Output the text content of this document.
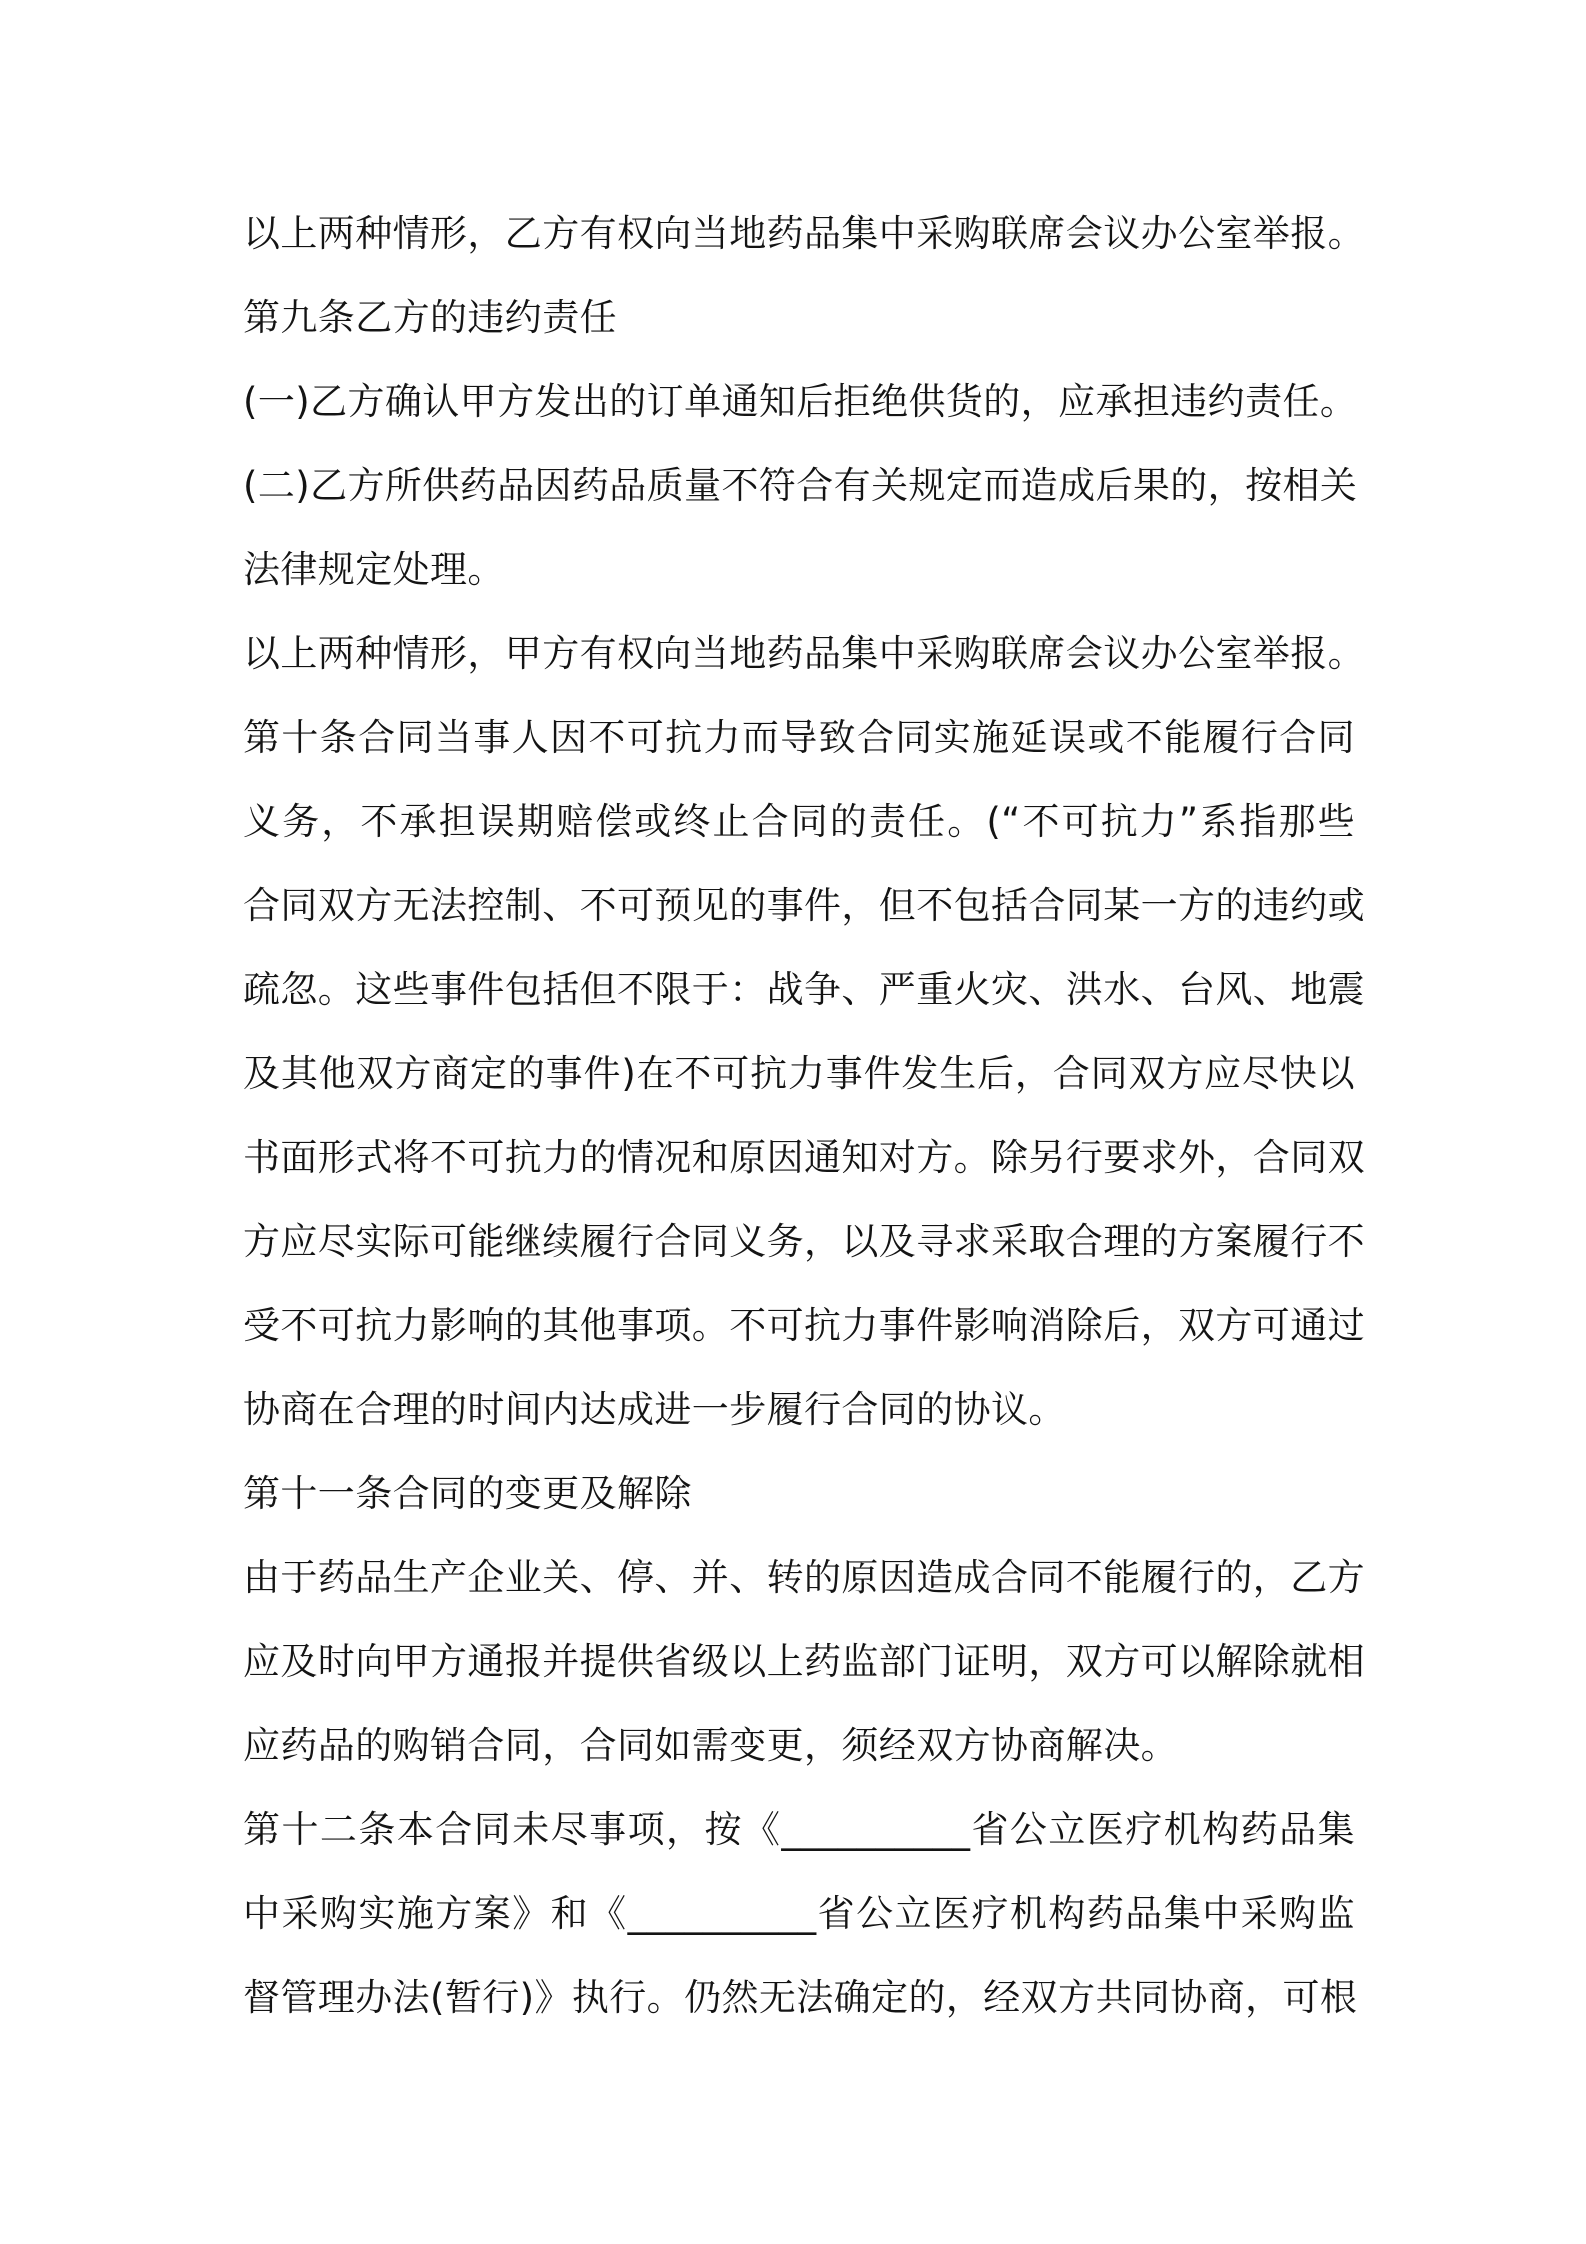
以上两种情形，乙方有权向当地药品集中采购联席会议办公室举报。
第九条乙方的违约责任
(一)乙方确认甲方发出的订单通知后拒绝供货的，应承担违约责任。
(二)乙方所供药品因药品质量不符合有关规定而造成后果的，按相关
法律规定处理。
以上两种情形，甲方有权向当地药品集中采购联席会议办公室举报。
第十条合同当事人因不可抗力而导致合同实施延误或不能履行合同
义务，不承担误期赔偿或终止合同的责任。(“不可抗力”系指那些
合同双方无法控制、不可预见的事件，但不包括合同某一方的违约或
疏忽。这些事件包括但不限于：战争、严重火灾、洪水、台风、地震
及其他双方商定的事件)在不可抗力事件发生后，合同双方应尽快以
书面形式将不可抗力的情况和原因通知对方。除另行要求外，合同双
方应尽实际可能继续履行合同义务，以及寻求采取合理的方案履行不
受不可抗力影响的其他事项。不可抗力事件影响消除后，双方可通过
协商在合理的时间内达成进一步履行合同的协议。
第十一条合同的变更及解除
由于药品生产企业关、停、并、转的原因造成合同不能履行的，乙方
应及时向甲方通报并提供省级以上药监部门证明，双方可以解除就相
应药品的购销合同，合同如需变更，须经双方协商解决。
第十二条本合同未尽事项，按《__________省公立医疗机构药品集
中采购实施方案》和《__________省公立医疗机构药品集中采购监
督管理办法(暂行)》执行。仍然无法确定的，经双方共同协商，可根
